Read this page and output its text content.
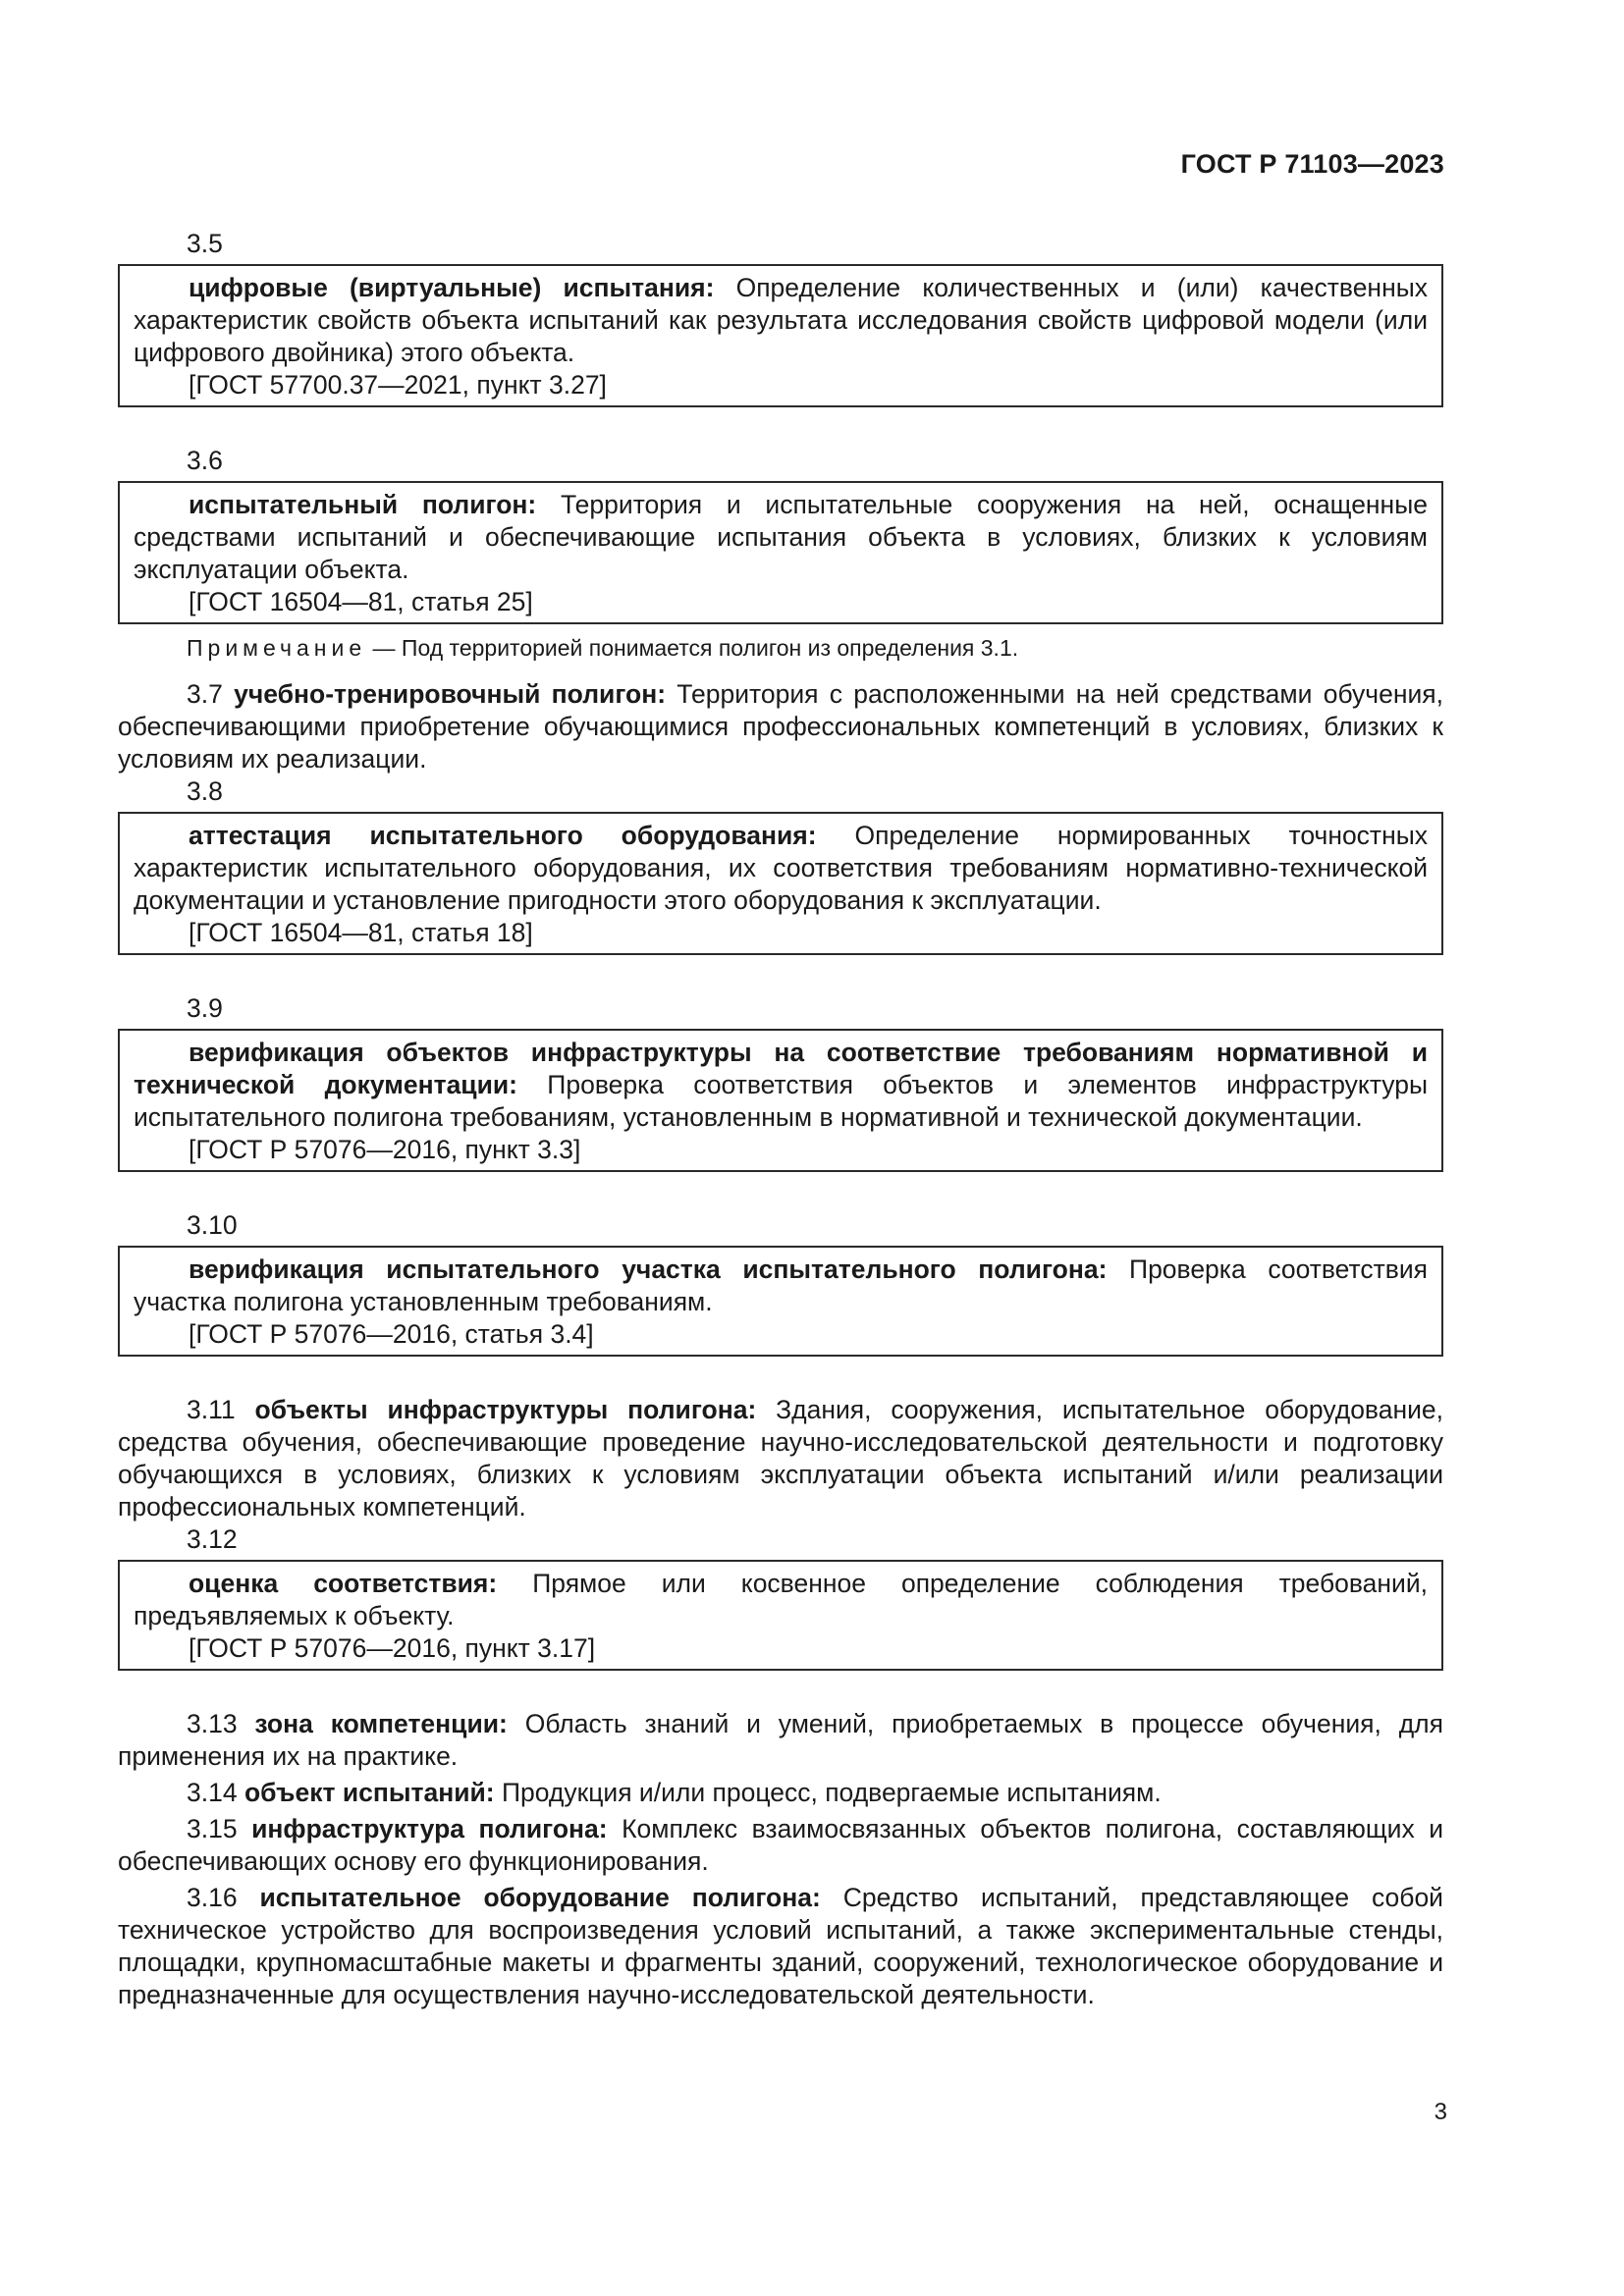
ГОСТ Р 71103—2023

3.5

цифровые (виртуальные) испытания: Определение количественных и (или) качественных характеристик свойств объекта испытаний как результата исследования свойств цифровой модели (или цифрового двойника) этого объекта.

[ГОСТ 57700.37—2021, пункт 3.27]

3.6

испытательный полигон: Территория и испытательные сооружения на ней, оснащенные средствами испытаний и обеспечивающие испытания объекта в условиях, близких к условиям эксплуатации объекта.

[ГОСТ 16504—81, статья 25]

Примечание — Под территорией понимается полигон из определения 3.1.

3.7 учебно-тренировочный полигон: Территория с расположенными на ней средствами обучения, обеспечивающими приобретение обучающимися профессиональных компетенций в условиях, близких к условиям их реализации.

3.8

аттестация испытательного оборудования: Определение нормированных точностных характеристик испытательного оборудования, их соответствия требованиям нормативно-технической документации и установление пригодности этого оборудования к эксплуатации.

[ГОСТ 16504—81, статья 18]

3.9

верификация объектов инфраструктуры на соответствие требованиям нормативной и технической документации: Проверка соответствия объектов и элементов инфраструктуры испытательного полигона требованиям, установленным в нормативной и технической документации.

[ГОСТ Р 57076—2016, пункт 3.3]

3.10

верификация испытательного участка испытательного полигона: Проверка соответствия участка полигона установленным требованиям.

[ГОСТ Р 57076—2016, статья 3.4]

3.11 объекты инфраструктуры полигона: Здания, сооружения, испытательное оборудование, средства обучения, обеспечивающие проведение научно-исследовательской деятельности и подготовку обучающихся в условиях, близких к условиям эксплуатации объекта испытаний и/или реализации профессиональных компетенций.

3.12

оценка соответствия: Прямое или косвенное определение соблюдения требований, предъявляемых к объекту.

[ГОСТ Р 57076—2016, пункт 3.17]

3.13 зона компетенции: Область знаний и умений, приобретаемых в процессе обучения, для применения их на практике.

3.14 объект испытаний: Продукция и/или процесс, подвергаемые испытаниям.

3.15 инфраструктура полигона: Комплекс взаимосвязанных объектов полигона, составляющих и обеспечивающих основу его функционирования.

3.16 испытательное оборудование полигона: Средство испытаний, представляющее собой техническое устройство для воспроизведения условий испытаний, а также экспериментальные стенды, площадки, крупномасштабные макеты и фрагменты зданий, сооружений, технологическое оборудование и предназначенные для осуществления научно-исследовательской деятельности.

3
